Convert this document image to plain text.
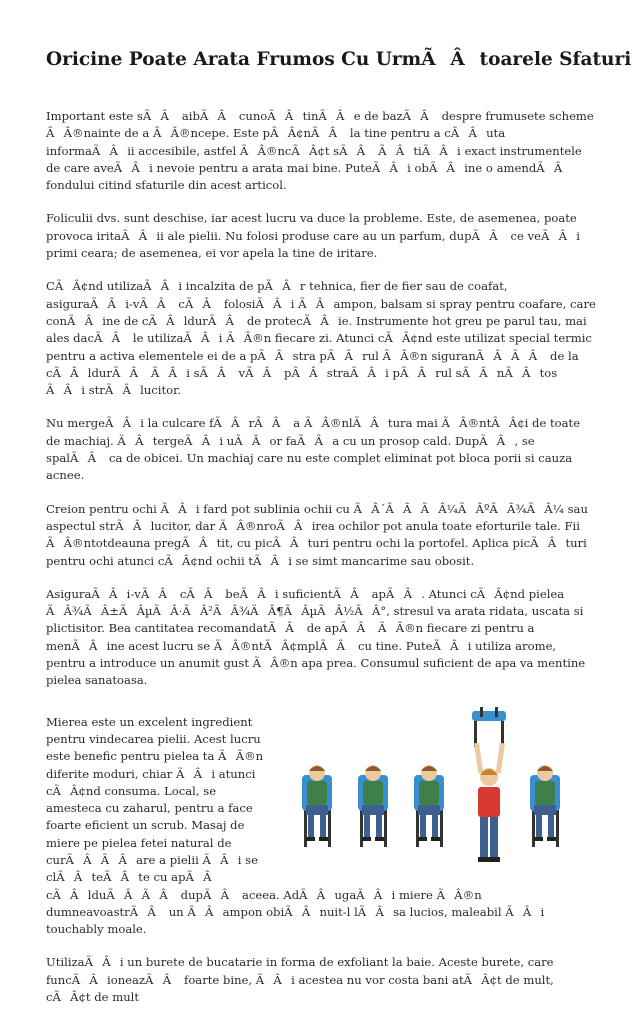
Oricine Poate Arata Frumos Cu UrmÃÂtoarele Sfaturi

Important este sÃÂ aibÃÂ cunoÃÂtinÃÂe de bazÃÂ despre frumusete scheme ÃÂ®nainte de a ÃÂ®ncepe. Este pÃÂ¢nÃÂ la tine pentru a cÃÂuta informaÃÂii accesibile, astfel ÃÂ®ncÃÂ¢t sÃÂ ÃÂtiÃÂi exact instrumentele de care aveÃÂi nevoie pentru a arata mai bine. PuteÃÂi obÃÂine o amendÃÂ fondului citind sfaturile din acest articol.

Foliculii dvs. sunt deschise, iar acest lucru va duce la probleme. Este, de asemenea, poate provoca iritaÃÂii ale pielii. Nu folosi produse care au un parfum, dupÃÂ ce veÃÂi primi ceara; de asemenea, ei vor apela la tine de iritare.

CÃÂ¢nd utilizaÃÂi incalzita de pÃÂr tehnica, fier de fier sau de coafat, asiguraÃÂi-vÃÂ cÃÂ folosiÃÂi ÃÂampon, balsam si spray pentru coafare, care conÃÂine de cÃÂldurÃÂ de protecÃÂie. Instrumente hot greu pe parul tau, mai ales dacÃÂ le utilizaÃÂi ÃÂ®n fiecare zi. Atunci cÃÂ¢nd este utilizat special termic pentru a activa elementele ei de a pÃÂstra pÃÂrul ÃÂ®n siguranÃÂÃÂ de la cÃÂldurÃÂ ÃÂi sÃÂ vÃÂ pÃÂstraÃÂi pÃÂrul sÃÂnÃÂtos ÃÂi strÃÂlucitor.

Nu mergeÃÂi la culcare fÃÂrÃÂ a ÃÂ®nlÃÂtura mai ÃÂ®ntÃÂ¢i de toate de machiaj. ÃÂtergeÃÂi uÃÂor faÃÂa cu un prosop cald. DupÃÂ, se spalÃÂ ca de obicei. Un machiaj care nu este complet eliminat pot bloca porii si cauza acnee.

Creion pentru ochi ÃÂi fard pot sublinia ochii cu ÃÂ´ÃÂÃÂ¼ÃÂºÃÂ¾ÃÂ¼ sau aspectul strÃÂlucitor, dar ÃÂ®nroÃÂirea ochilor pot anula toate eforturile tale. Fii ÃÂ®ntotdeauna pregÃÂtit, cu picÃÂturi pentru ochi la portofel. Aplica picÃÂturi pentru ochi atunci cÃÂ¢nd ochii tÃÂi se simt mancarime sau obosit.

AsiguraÃÂi-vÃÂ cÃÂ beÃÂi suficientÃÂ apÃÂ. Atunci cÃÂ¢nd pielea ÃÂ¾ÃÂ±ÃÂµÃÂ·ÃÂ²ÃÂ¾ÃÂ¶ÃÂµÃÂ½ÃÂ°, stresul va arata ridata, uscata si plictisitor. Bea cantitatea recomandatÃÂ de apÃÂ ÃÂ®n fiecare zi pentru a menÃÂine acest lucru se ÃÂ®ntÃÂ¢mplÃÂ cu tine. PuteÃÂi utiliza arome, pentru a introduce un anumit gust ÃÂ®n apa prea. Consumul suficient de apa va mentine pielea sanatoasa.

Mierea este un excelent ingredient pentru vindecarea pielii. Acest lucru este benefic pentru pielea ta ÃÂ®n diferite moduri, chiar ÃÂi atunci cÃÂ¢nd consuma. Local, se amesteca cu zaharul, pentru a face foarte eficient un scrub. Masaj de miere pe pielea fetei natural de curÃÂÃÂare a pielii ÃÂi se clÃÂteÃÂte cu apÃÂ

cÃÂlduÃÂÃÂ dupÃÂ aceea. AdÃÂugaÃÂi miere ÃÂ®n dumneavoastrÃÂ un ÃÂampon obiÃÂnuit-l lÃÂsa lucios, maleabil ÃÂi touchably moale.

UtilizaÃÂi un burete de bucatarie in forma de exfoliant la baie. Aceste burete, care funcÃÂioneazÃÂ foarte bine, ÃÂi acestea nu vor costa bani atÃÂ¢t de mult, cÃÂ¢t de mult
